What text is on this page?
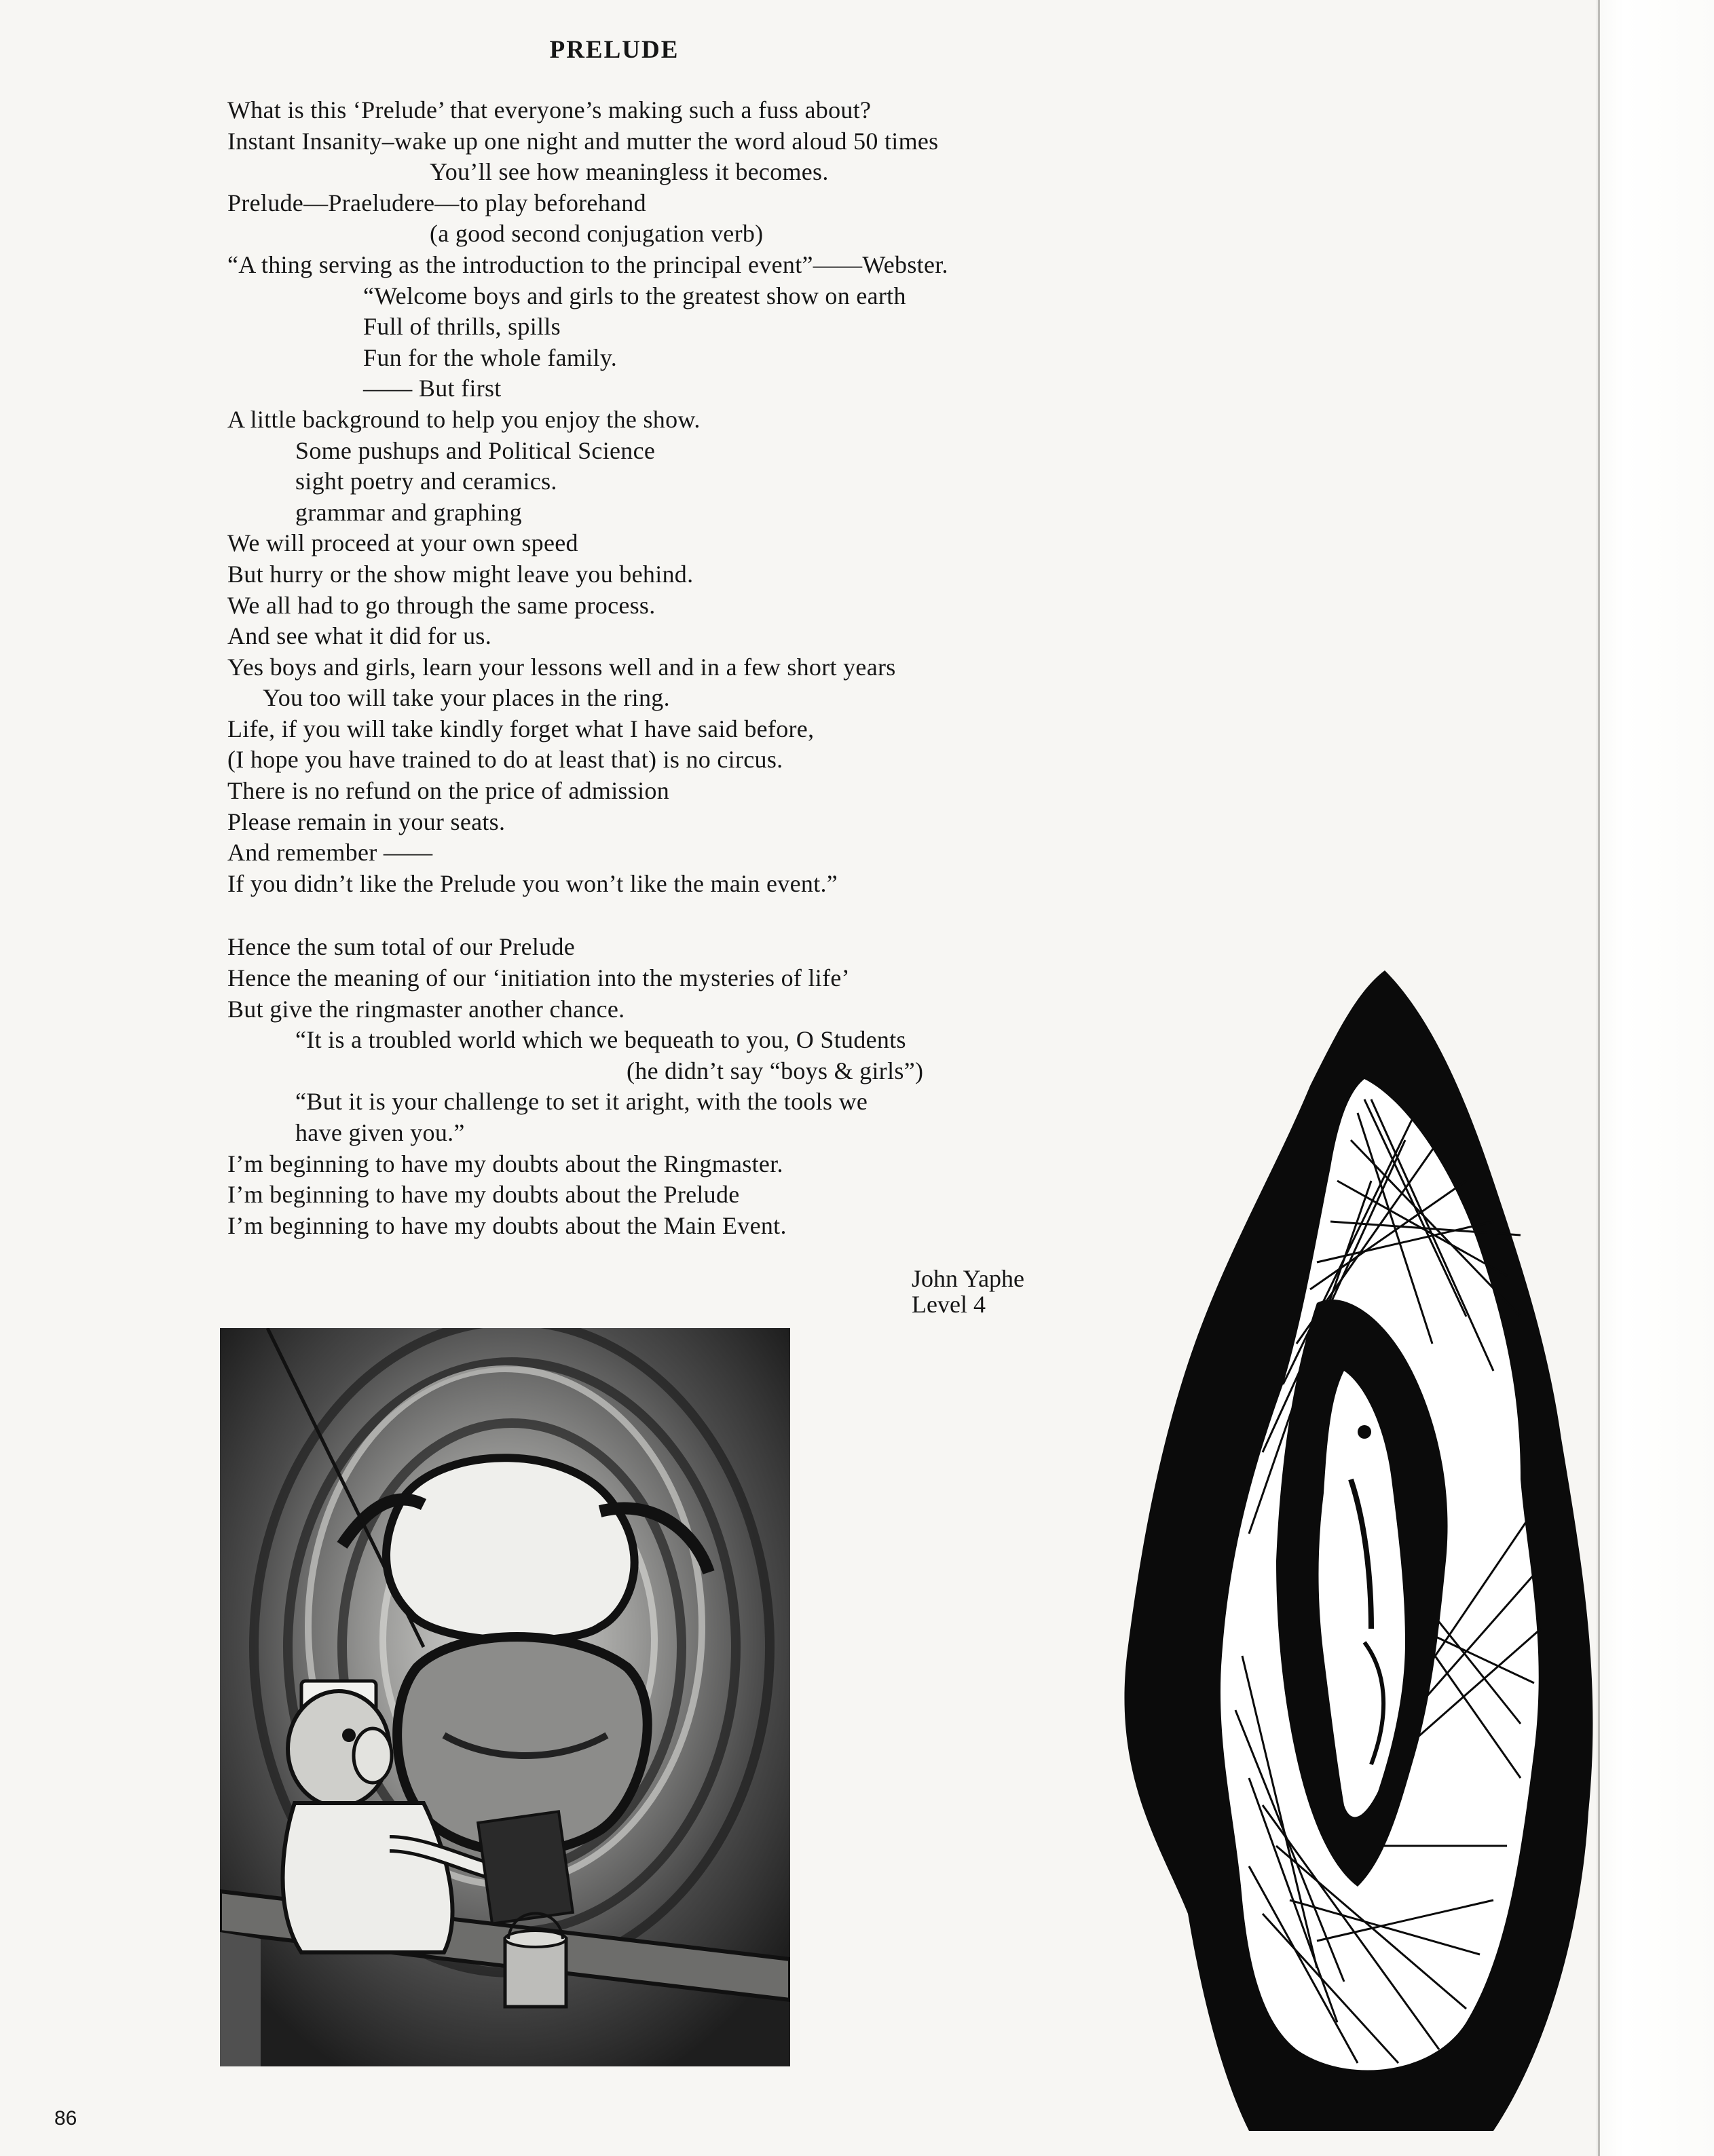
PRELUDE
What is this ‘Prelude’ that everyone’s making such a fuss about?
Instant Insanity–wake up one night and mutter the word aloud 50 times
You’ll see how meaningless it becomes.
Prelude—Praeludere—to play beforehand
(a good second conjugation verb)
“A thing serving as the introduction to the principal event”——Webster.
“Welcome boys and girls to the greatest show on earth
Full of thrills, spills
Fun for the whole family.
—— But first
A little background to help you enjoy the show.
Some pushups and Political Science
sight poetry and ceramics.
grammar and graphing
We will proceed at your own speed
But hurry or the show might leave you behind.
We all had to go through the same process.
And see what it did for us.
Yes boys and girls, learn your lessons well and in a few short years
You too will take your places in the ring.
Life, if you will take kindly forget what I have said before,
(I hope you have trained to do at least that) is no circus.
There is no refund on the price of admission
Please remain in your seats.
And remember ——
If you didn’t like the Prelude you won’t like the main event.”
Hence the sum total of our Prelude
Hence the meaning of our ‘initiation into the mysteries of life’
But give the ringmaster another chance.
“It is a troubled world which we bequeath to you, O Students
(he didn’t say “boys & girls”)
“But it is your challenge to set it aright, with the tools we
have given you.”
I’m beginning to have my doubts about the Ringmaster.
I’m beginning to have my doubts about the Prelude
I’m beginning to have my doubts about the Main Event.
John Yaphe
Level 4
86
